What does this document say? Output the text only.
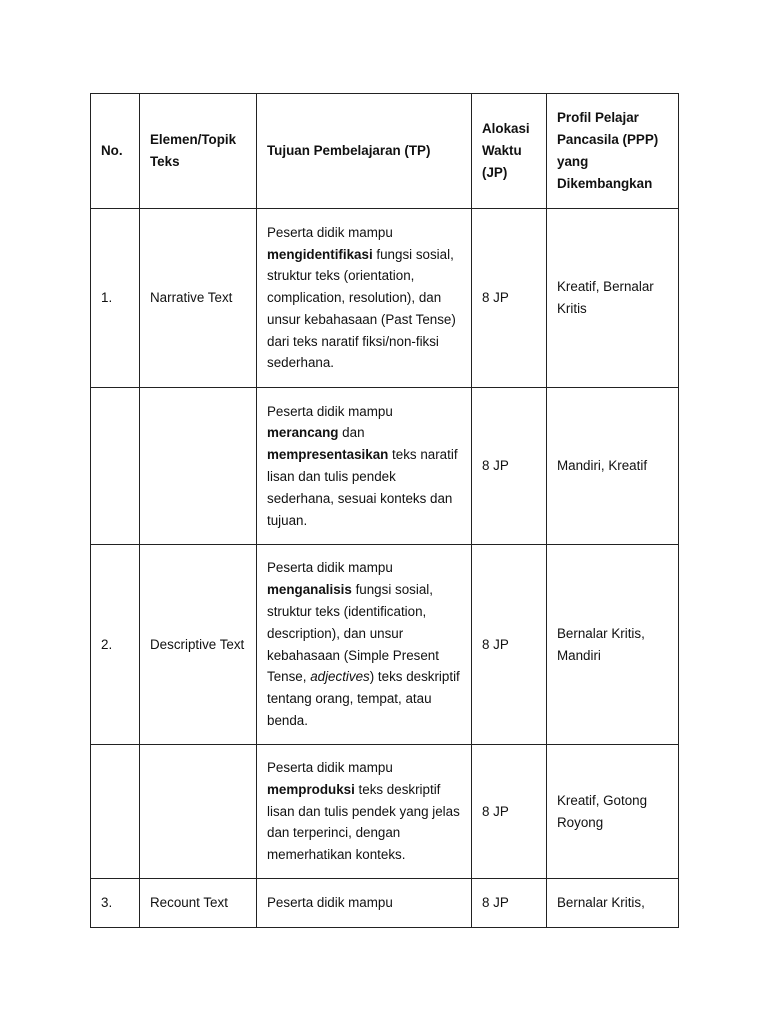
No.	Elemen/Topik Teks	Tujuan Pembelajaran (TP)	Alokasi Waktu (JP)	Profil Pelajar Pancasila (PPP) yang Dikembangkan
1.	Narrative Text	Peserta didik mampu mengidentifikasi fungsi sosial, struktur teks (orientation, complication, resolution), dan unsur kebahasaan (Past Tense) dari teks naratif fiksi/non-fiksi sederhana.	8 JP	Kreatif, Bernalar Kritis
		Peserta didik mampu merancang dan mempresentasikan teks naratif lisan dan tulis pendek sederhana, sesuai konteks dan tujuan.	8 JP	Mandiri, Kreatif
2.	Descriptive Text	Peserta didik mampu menganalisis fungsi sosial, struktur teks (identification, description), dan unsur kebahasaan (Simple Present Tense, adjectives) teks deskriptif tentang orang, tempat, atau benda.	8 JP	Bernalar Kritis, Mandiri
		Peserta didik mampu memproduksi teks deskriptif lisan dan tulis pendek yang jelas dan terperinci, dengan memerhatikan konteks.	8 JP	Kreatif, Gotong Royong
3.	Recount Text	Peserta didik mampu	8 JP	Bernalar Kritis,
